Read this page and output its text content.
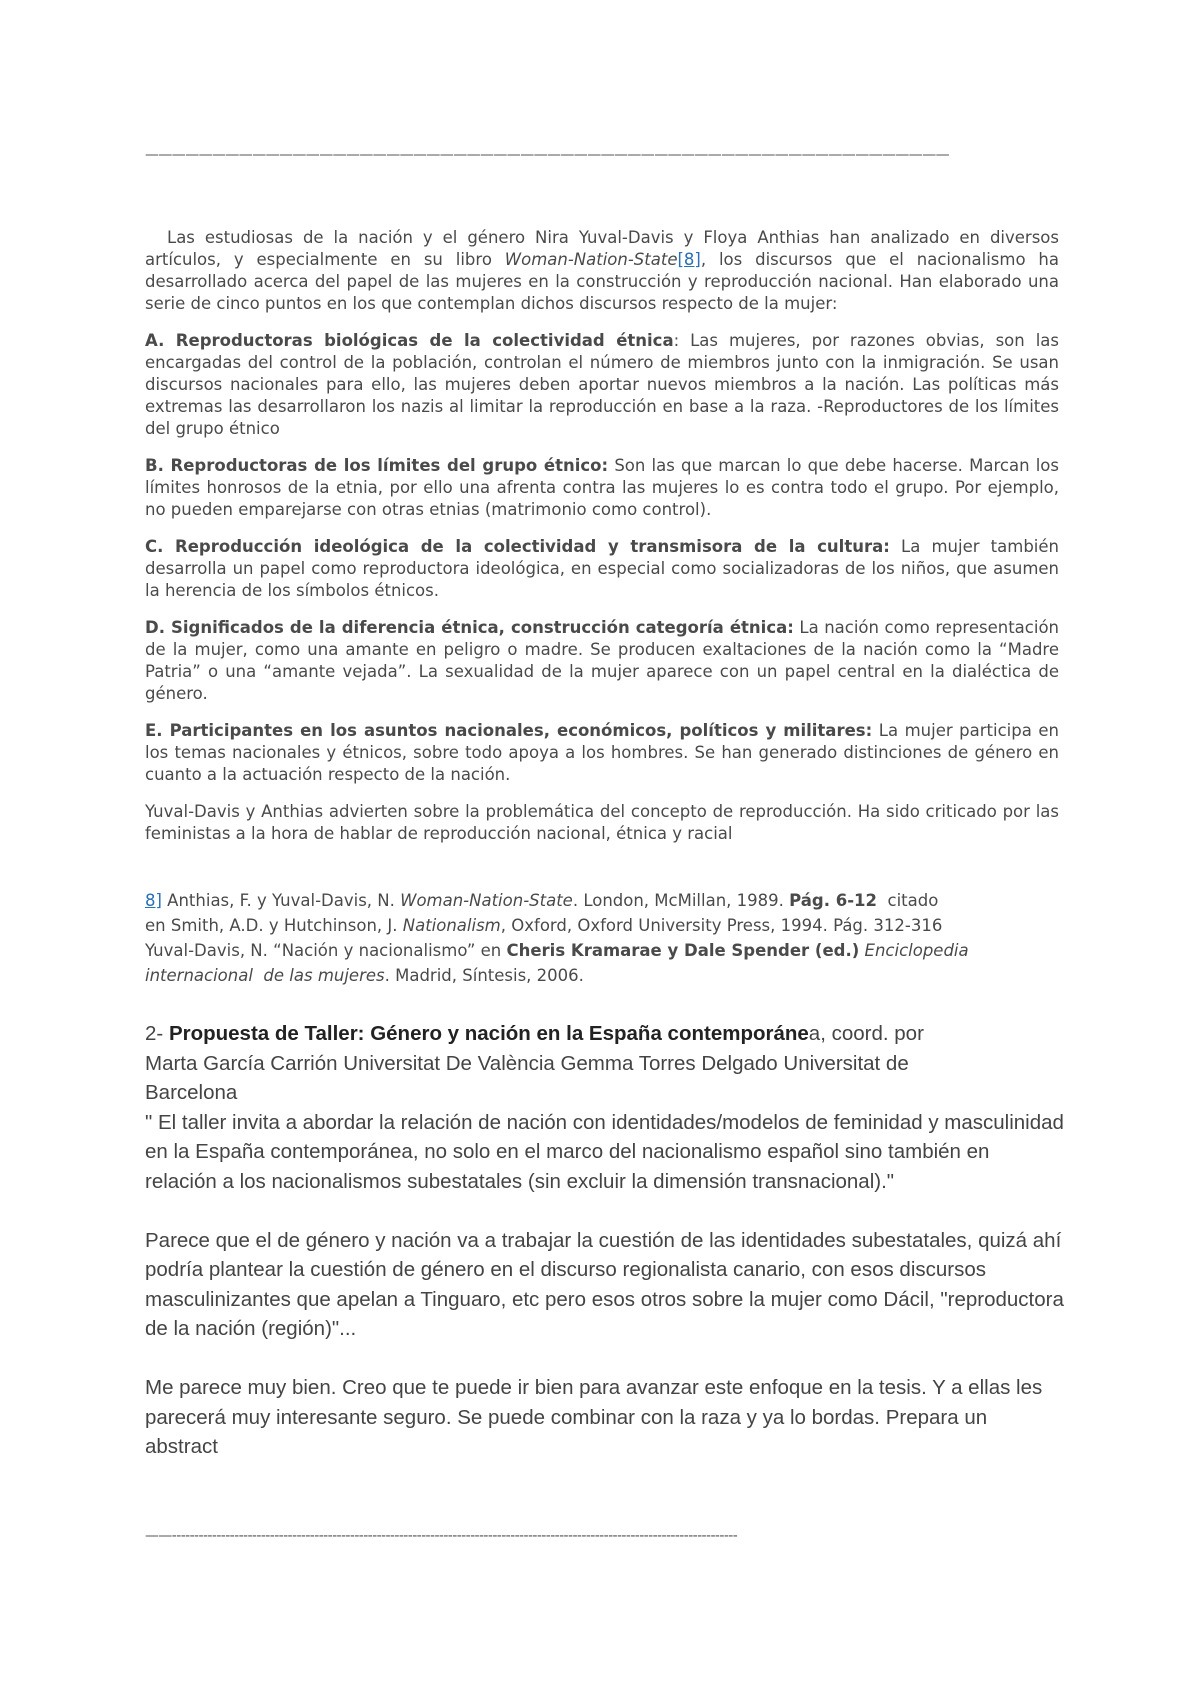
————————————————————————————————————————————————————————————

Las estudiosas de la nación y el género Nira Yuval-Davis y Floya Anthias han analizado en diversos artículos, y especialmente en su libro Woman-Nation-State[8], los discursos que el nacionalismo ha desarrollado acerca del papel de las mujeres en la construcción y reproducción nacional. Han elaborado una serie de cinco puntos en los que contemplan dichos discursos respecto de la mujer:

A. Reproductoras biológicas de la colectividad étnica: Las mujeres, por razones obvias, son las encargadas del control de la población, controlan el número de miembros junto con la inmigración. Se usan discursos nacionales para ello, las mujeres deben aportar nuevos miembros a la nación. Las políticas más extremas las desarrollaron los nazis al limitar la reproducción en base a la raza. -Reproductores de los límites del grupo étnico

B. Reproductoras de los límites del grupo étnico: Son las que marcan lo que debe hacerse. Marcan los límites honrosos de la etnia, por ello una afrenta contra las mujeres lo es contra todo el grupo. Por ejemplo, no pueden emparejarse con otras etnias (matrimonio como control).

C. Reproducción ideológica de la colectividad y transmisora de la cultura: La mujer también desarrolla un papel como reproductora ideológica, en especial como socializadoras de los niños, que asumen la herencia de los símbolos étnicos.

D. Significados de la diferencia étnica, construcción categoría étnica: La nación como representación de la mujer, como una amante en peligro o madre. Se producen exaltaciones de la nación como la “Madre Patria” o una “amante vejada”. La sexualidad de la mujer aparece con un papel central en la dialéctica de género.

E. Participantes en los asuntos nacionales, económicos, políticos y militares: La mujer participa en los temas nacionales y étnicos, sobre todo apoya a los hombres. Se han generado distinciones de género en cuanto a la actuación respecto de la nación.

Yuval-Davis y Anthias advierten sobre la problemática del concepto de reproducción. Ha sido criticado por las feministas a la hora de hablar de reproducción nacional, étnica y racial

8] Anthias, F. y Yuval-Davis, N. Woman-Nation-State. London, McMillan, 1989. Pág. 6-12  citado
en Smith, A.D. y Hutchinson, J. Nationalism, Oxford, Oxford University Press, 1994. Pág. 312-316
Yuval-Davis, N. “Nación y nacionalismo” en Cheris Kramarae y Dale Spender (ed.) Enciclopedia
internacional  de las mujeres. Madrid, Síntesis, 2006.

2- Propuesta de Taller: Género y nación en la España contemporánea, coord. por

Marta García Carrión Universitat De València Gemma Torres Delgado Universitat de

Barcelona

" El taller invita a abordar la relación de nación con identidades/modelos de feminidad y masculinidad en la España contemporánea, no solo en el marco del nacionalismo español sino también en relación a los nacionalismos subestatales (sin excluir la dimensión transnacional)."

Parece que el de género y nación va a trabajar la cuestión de las identidades subestatales, quizá ahí podría plantear la cuestión de género en el discurso regionalista canario, con esos discursos masculinizantes que apelan a Tinguaro, etc pero esos otros sobre la mujer como Dácil, "reproductora de la nación (región)"...

Me parece muy bien. Creo que te puede ir bien para avanzar este enfoque en la tesis. Y a ellas les parecerá muy interesante seguro. Se puede combinar con la raza y ya lo bordas. Prepara un abstract

——-------------------------------------------------------------------------------------------------------------------------------
